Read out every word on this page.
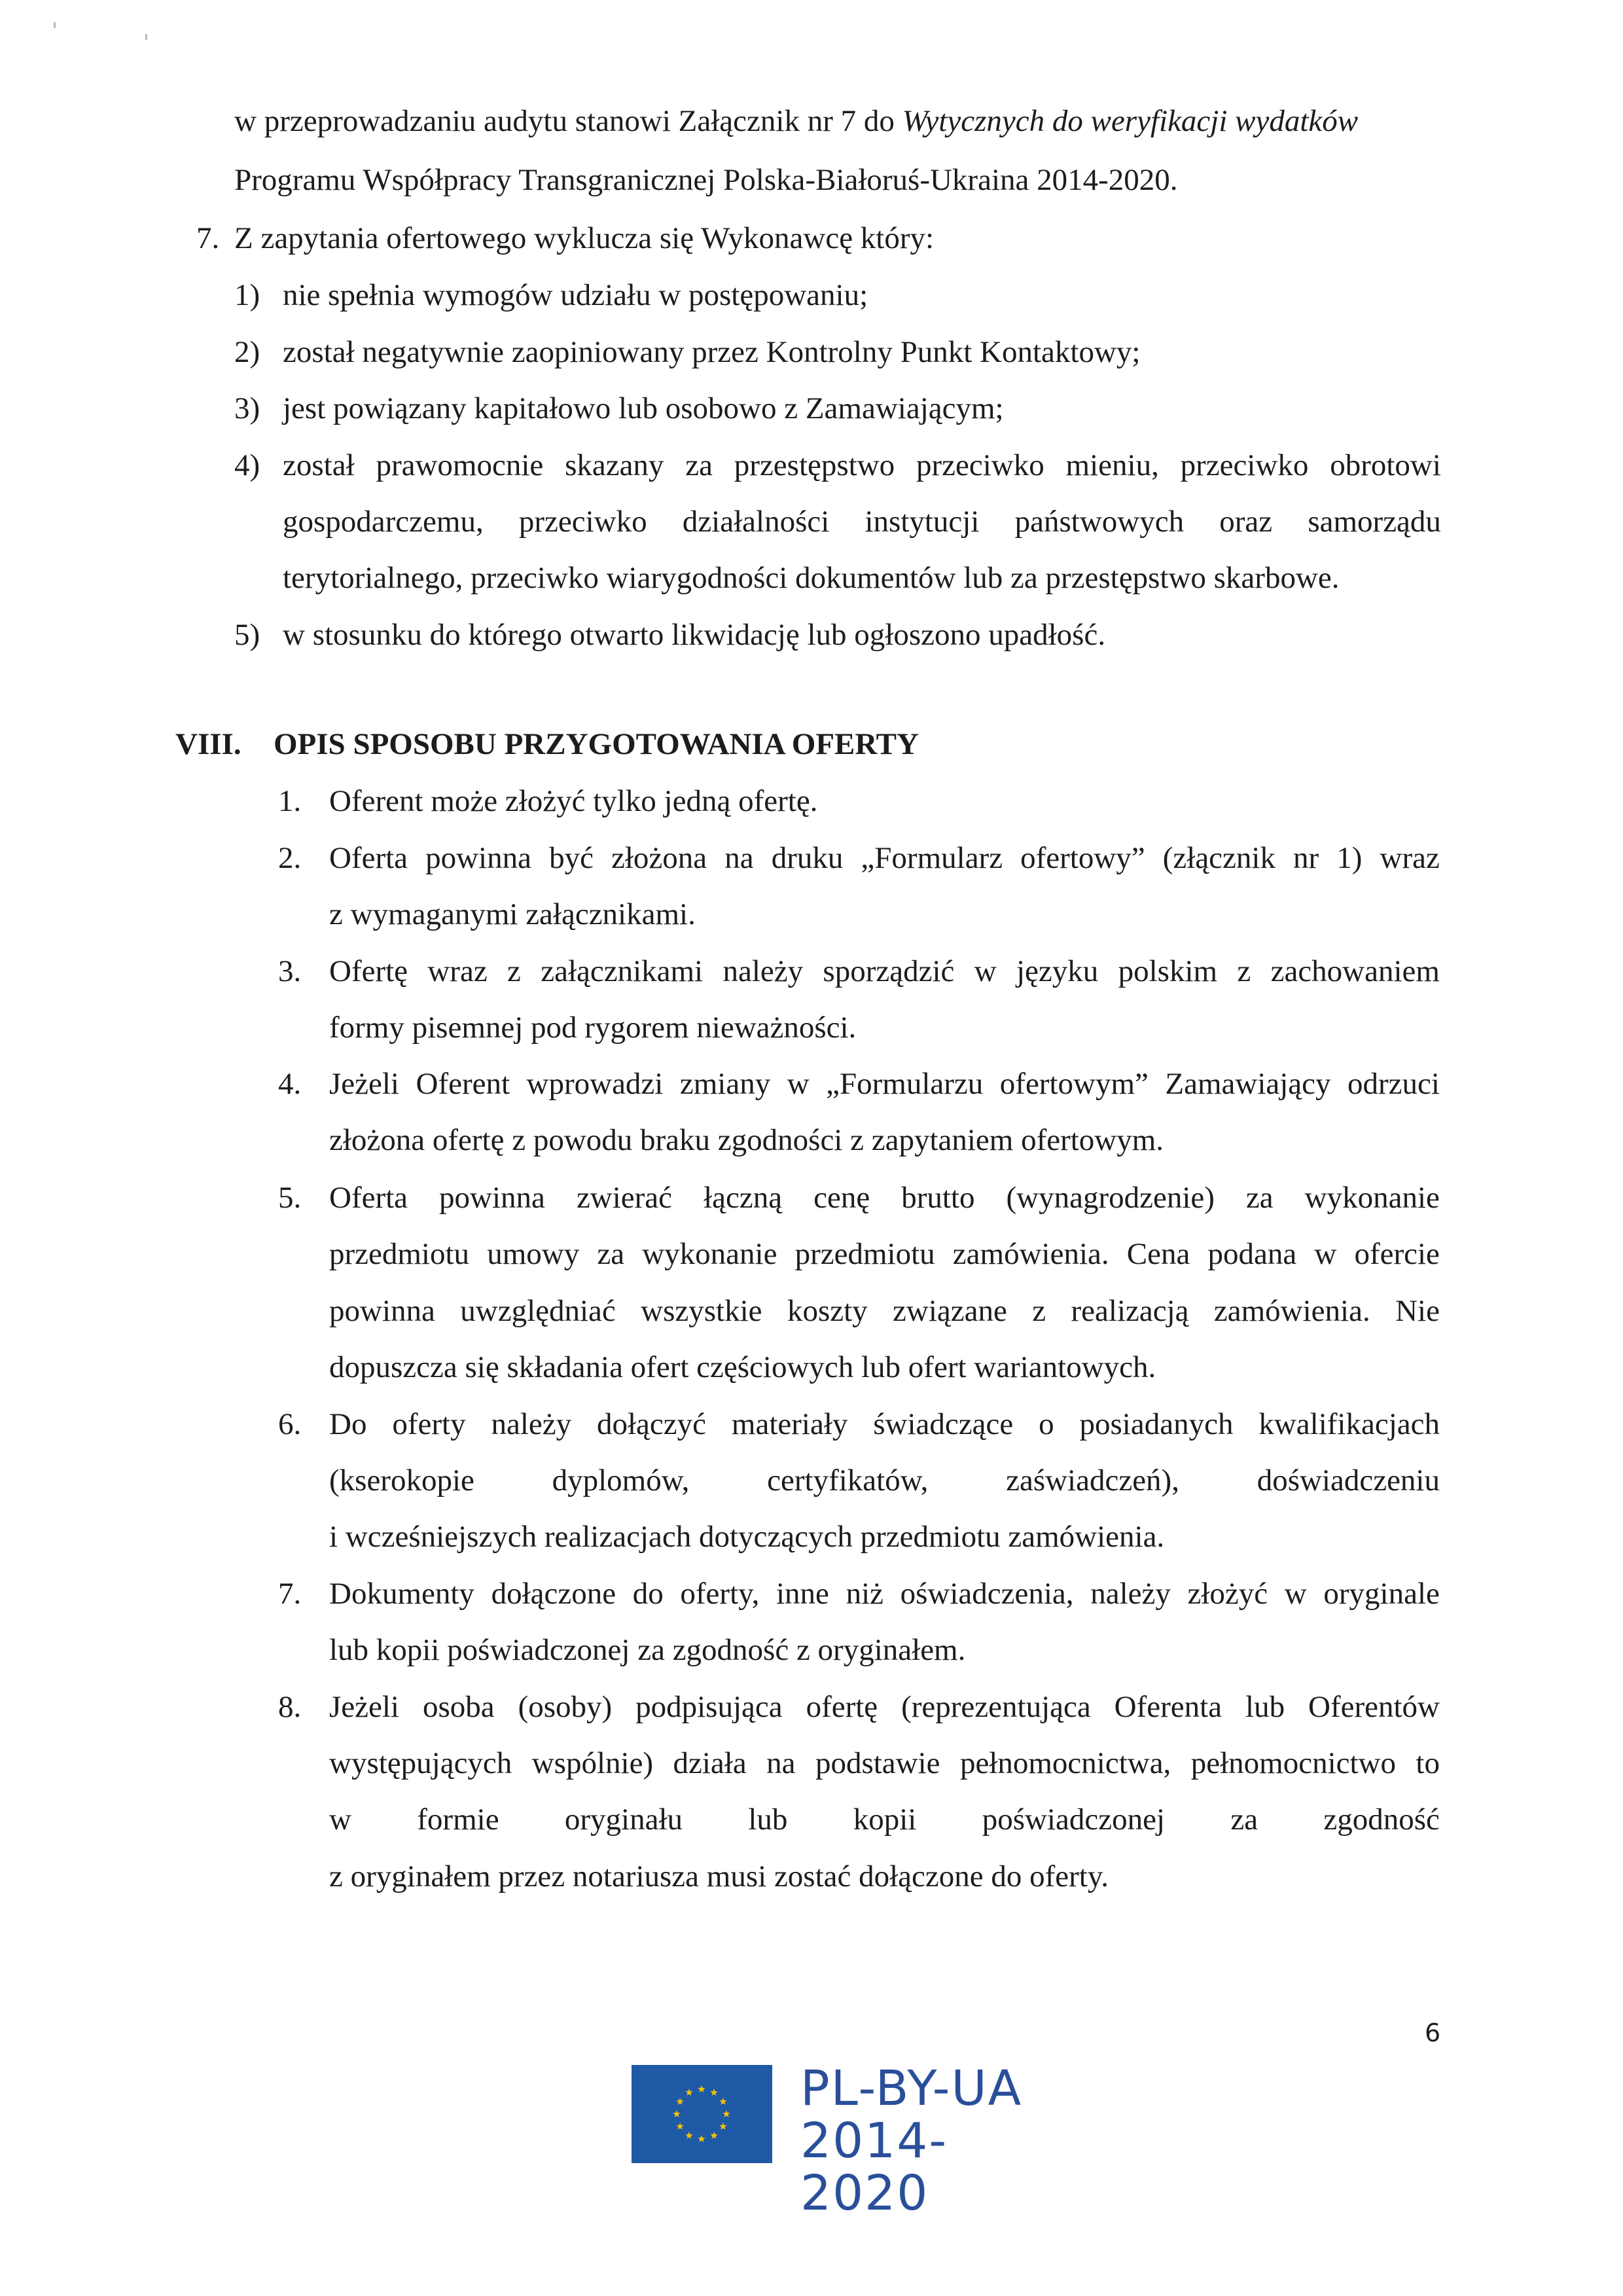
w przeprowadzaniu audytu stanowi Załącznik nr 7 do Wytycznych do weryfikacji wydatków
Programu Współpracy Transgranicznej Polska-Białoruś-Ukraina 2014-2020.
7. Z zapytania ofertowego wyklucza się Wykonawcę który:
1) nie spełnia wymogów udziału w postępowaniu;
2) został negatywnie zaopiniowany przez Kontrolny Punkt Kontaktowy;
3) jest powiązany kapitałowo lub osobowo z Zamawiającym;
4) został prawomocnie skazany za przestępstwo przeciwko mieniu, przeciwko obrotowi
gospodarczemu, przeciwko działalności instytucji państwowych oraz samorządu
terytorialnego, przeciwko wiarygodności dokumentów lub za przestępstwo skarbowe.
5) w stosunku do którego otwarto likwidację lub ogłoszono upadłość.
VIII. OPIS SPOSOBU PRZYGOTOWANIA OFERTY
1. Oferent może złożyć tylko jedną ofertę.
2. Oferta powinna być złożona na druku „Formularz ofertowy” (złącznik nr 1) wraz
z wymaganymi załącznikami.
3. Ofertę wraz z załącznikami należy sporządzić w języku polskim z zachowaniem
formy pisemnej pod rygorem nieważności.
4. Jeżeli Oferent wprowadzi zmiany w „Formularzu ofertowym” Zamawiający odrzuci
złożona ofertę z powodu braku zgodności z zapytaniem ofertowym.
5. Oferta powinna zwierać łączną cenę brutto (wynagrodzenie) za wykonanie
przedmiotu umowy za wykonanie przedmiotu zamówienia. Cena podana w ofercie
powinna uwzględniać wszystkie koszty związane z realizacją zamówienia. Nie
dopuszcza się składania ofert częściowych lub ofert wariantowych.
6. Do oferty należy dołączyć materiały świadczące o posiadanych kwalifikacjach
(kserokopie	dyplomów,	certyfikatów,	zaświadczeń),	doświadczeniu
i wcześniejszych realizacjach dotyczących przedmiotu zamówienia.
7. Dokumenty dołączone do oferty, inne niż oświadczenia, należy złożyć w oryginale
lub kopii poświadczonej za zgodność z oryginałem.
8. Jeżeli osoba (osoby) podpisująca ofertę (reprezentująca Oferenta lub Oferentów
występujących wspólnie) działa na podstawie pełnomocnictwa, pełnomocnictwo to
w formie oryginału lub kopii poświadczonej za zgodność
z oryginałem przez notariusza musi zostać dołączone do oferty.
6
PL-BY-UA
2014-2020
